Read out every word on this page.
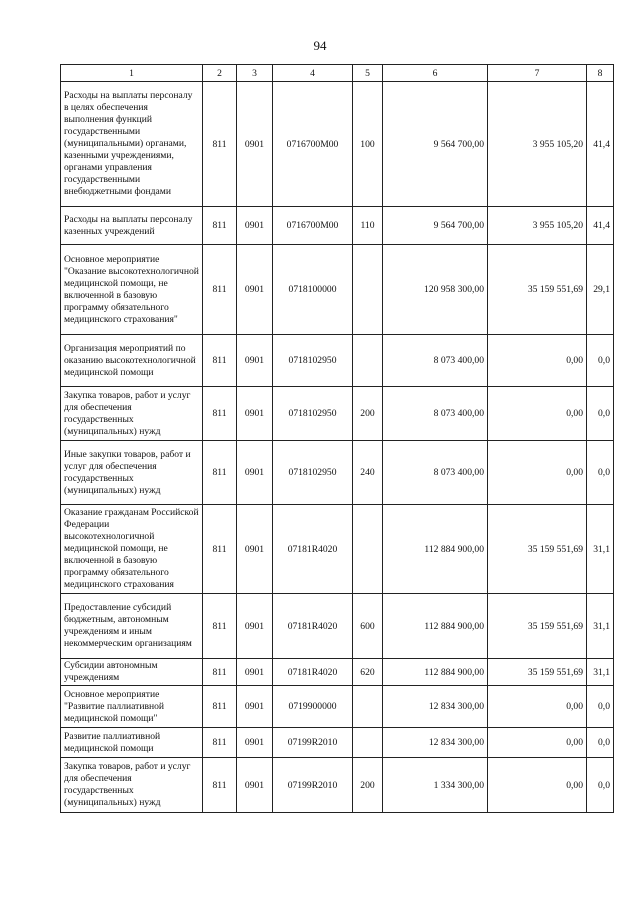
94
1	2	3	4	5	6	7	8
Расходы на выплаты персоналу в целях обеспечения выполнения функций государственными (муниципальными) органами, казенными учреждениями, органами управления государственными внебюджетными фондами	811	0901	0716700М00	100	9 564 700,00	3 955 105,20	41,4
Расходы на выплаты персоналу казенных учреждений	811	0901	0716700М00	110	9 564 700,00	3 955 105,20	41,4
Основное мероприятие "Оказание высокотехнологичной медицинской помощи, не включенной в базовую программу обязательного медицинского страхования"	811	0901	0718100000		120 958 300,00	35 159 551,69	29,1
Организация мероприятий по оказанию высокотехнологичной медицинской помощи	811	0901	0718102950		8 073 400,00	0,00	0,0
Закупка товаров, работ и услуг для обеспечения государственных (муниципальных) нужд	811	0901	0718102950	200	8 073 400,00	0,00	0,0
Иные закупки товаров, работ и услуг для обеспечения государственных (муниципальных) нужд	811	0901	0718102950	240	8 073 400,00	0,00	0,0
Оказание гражданам Российской Федерации высокотехнологичной медицинской помощи, не включенной в базовую программу обязательного медицинского страхования	811	0901	07181R4020		112 884 900,00	35 159 551,69	31,1
Предоставление субсидий бюджетным, автономным учреждениям и иным некоммерческим организациям	811	0901	07181R4020	600	112 884 900,00	35 159 551,69	31,1
Субсидии автономным учреждениям	811	0901	07181R4020	620	112 884 900,00	35 159 551,69	31,1
Основное мероприятие "Развитие паллиативной медицинской помощи"	811	0901	0719900000		12 834 300,00	0,00	0,0
Развитие паллиативной медицинской помощи	811	0901	07199R2010		12 834 300,00	0,00	0,0
Закупка товаров, работ и услуг для обеспечения государственных (муниципальных) нужд	811	0901	07199R2010	200	1 334 300,00	0,00	0,0
